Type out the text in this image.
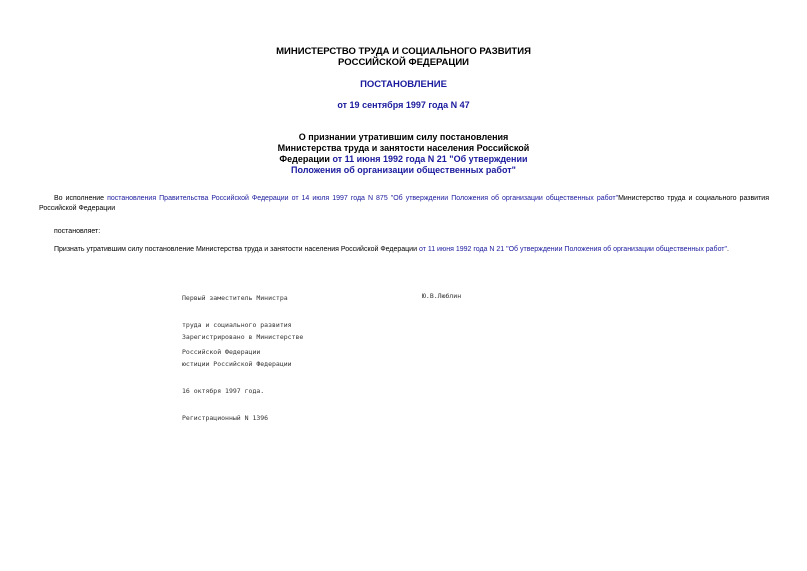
МИНИСТЕРСТВО ТРУДА И СОЦИАЛЬНОГО РАЗВИТИЯ
РОССИЙСКОЙ ФЕДЕРАЦИИ
ПОСТАНОВЛЕНИЕ
от 19 сентября 1997 года N 47
О признании утратившим силу постановления
Министерства труда и занятости населения Российской
Федерации от 11 июня 1992 года N 21 "Об утверждении
Положения об организации общественных работ"
Во исполнение постановления Правительства Российской Федерации от 14 июля 1997 года N 875 "Об утверждении Положения об организации общественных работ"Министерство труда и социального развития Российской Федерации
постановляет:
Признать утратившим силу постановление Министерства труда и занятости населения Российской Федерации от 11 июня 1992 года N 21 "Об утверждении Положения об организации общественных работ".

Первый заместитель Министра

труда и социального развития

Российской Федерации

Ю.В.Люблин

Зарегистрировано в Министерстве

юстиции Российской Федерации

16 октября 1997 года.

Регистрационный N 1396
